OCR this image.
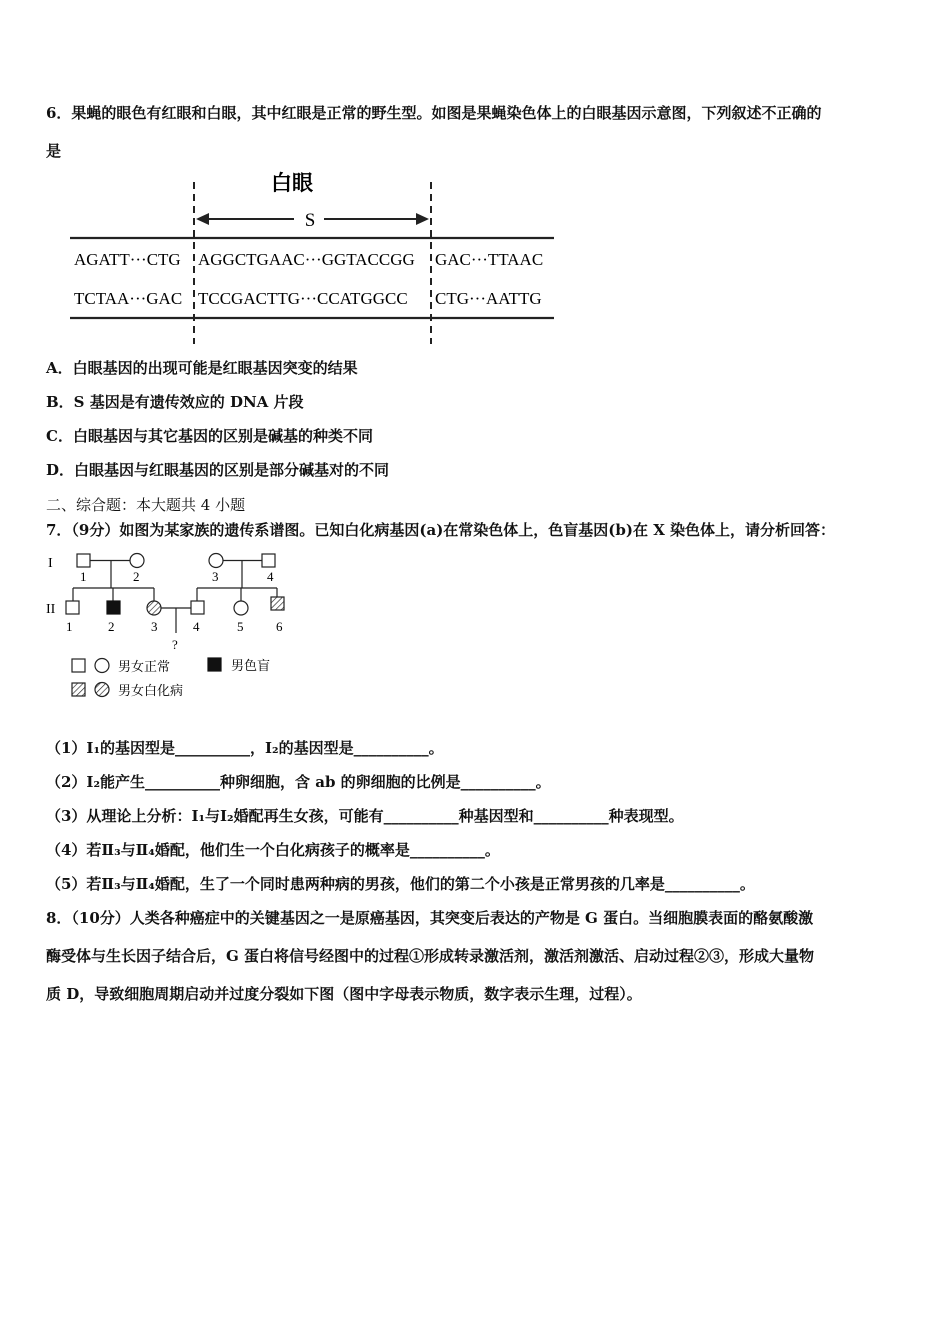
6．果蝇的眼色有红眼和白眼，其中红眼是正常的野生型。如图是果蝇染色体上的白眼基因示意图，下列叙述不正确的
是
白眼
S
AGATT···CTG AGGCTGAAC···GGTACCGG GAC···TTAAC
TCTAA···GAC TCCGACTTG···CCATGGCC CTG···AATTG
A．白眼基因的出现可能是红眼基因突变的结果
B．S 基因是有遗传效应的 DNA 片段
C．白眼基因与其它基因的区别是碱基的种类不同
D．白眼基因与红眼基因的区别是部分碱基对的不同
二、综合题：本大题共 4 小题
7．（9分）如图为某家族的遗传系谱图。已知白化病基因(a)在常染色体上，色盲基因(b)在 X 染色体上，请分析回答：
I
II
1	2	3	4
1	2	3	4	5	6
?
男女正常	男色盲
男女白化病
（1）Ⅰ₁的基因型是__________，Ⅰ₂的基因型是__________。
（2）Ⅰ₂能产生__________种卵细胞，含 ab 的卵细胞的比例是__________。
（3）从理论上分析：Ⅰ₁与Ⅰ₂婚配再生女孩，可能有__________种基因型和__________种表现型。
（4）若Ⅱ₃与Ⅱ₄婚配，他们生一个白化病孩子的概率是__________。
（5）若Ⅱ₃与Ⅱ₄婚配，生了一个同时患两种病的男孩，他们的第二个小孩是正常男孩的几率是__________。
8．（10分）人类各种癌症中的关键基因之一是原癌基因，其突变后表达的产物是 G 蛋白。当细胞膜表面的酪氨酸激
酶受体与生长因子结合后，G 蛋白将信号经图中的过程①形成转录激活剂，激活剂激活、启动过程②③，形成大量物
质 D，导致细胞周期启动并过度分裂如下图（图中字母表示物质，数字表示生理，过程）。
